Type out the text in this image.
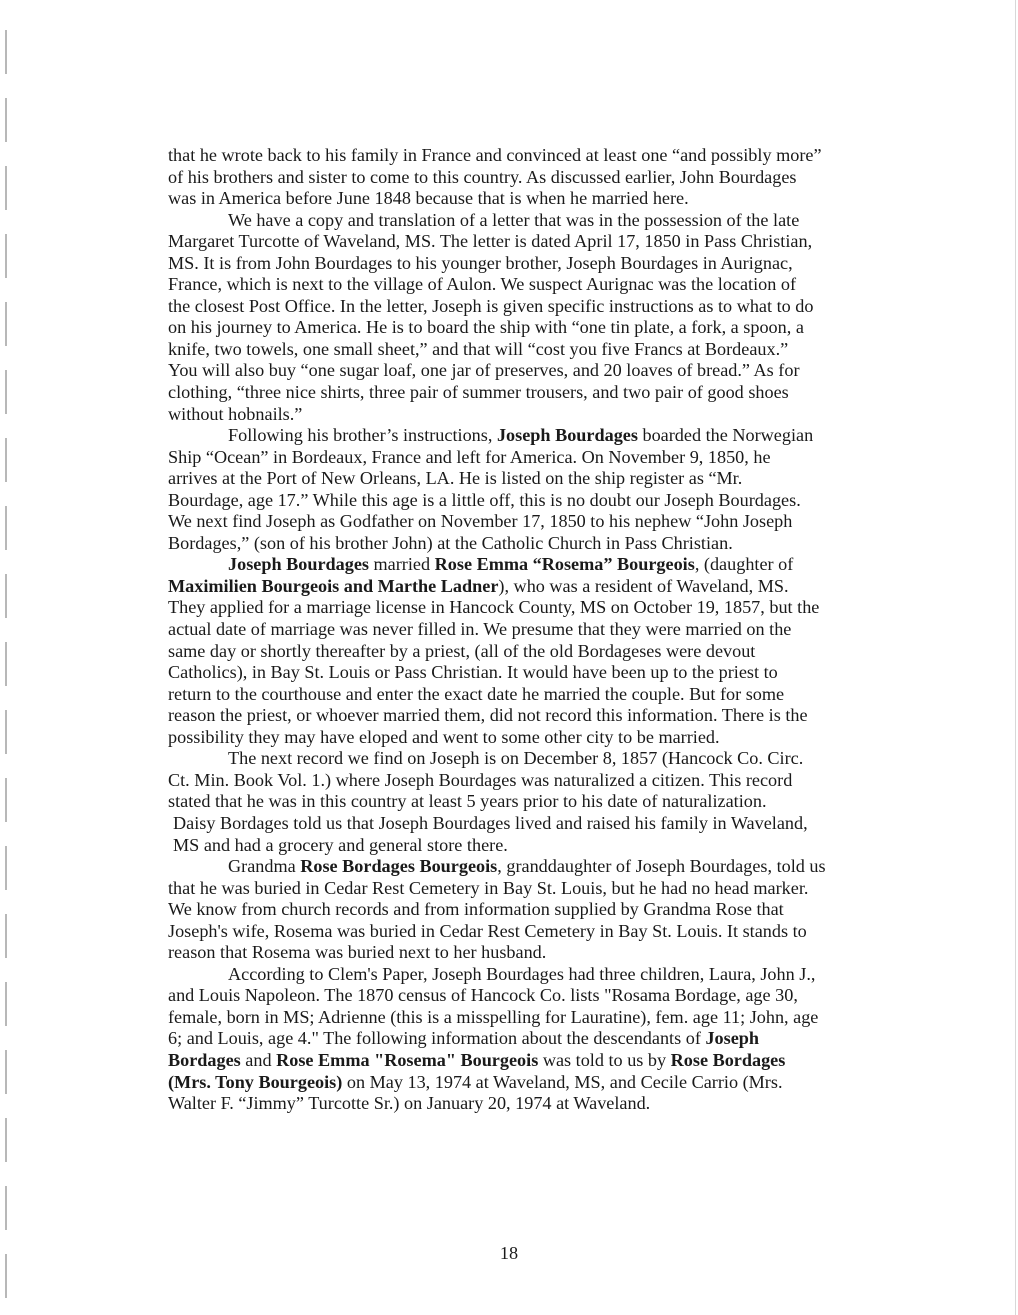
that he wrote back to his family in France and convinced at least one “and possibly more”
of his brothers and sister to come to this country. As discussed earlier, John Bourdages
was in America before June 1848 because that is when he married here.

We have a copy and translation of a letter that was in the possession of the late
Margaret Turcotte of Waveland, MS. The letter is dated April 17, 1850 in Pass Christian,
MS. It is from John Bourdages to his younger brother, Joseph Bourdages in Aurignac,
France, which is next to the village of Aulon. We suspect Aurignac was the location of
the closest Post Office. In the letter, Joseph is given specific instructions as to what to do
on his journey to America. He is to board the ship with “one tin plate, a fork, a spoon, a
knife, two towels, one small sheet,” and that will “cost you five Francs at Bordeaux.”
You will also buy “one sugar loaf, one jar of preserves, and 20 loaves of bread.” As for
clothing, “three nice shirts, three pair of summer trousers, and two pair of good shoes
without hobnails.”

Following his brother’s instructions, Joseph Bourdages boarded the Norwegian
Ship “Ocean” in Bordeaux, France and left for America. On November 9, 1850, he
arrives at the Port of New Orleans, LA. He is listed on the ship register as “Mr.
Bourdage, age 17.” While this age is a little off, this is no doubt our Joseph Bourdages.
We next find Joseph as Godfather on November 17, 1850 to his nephew “John Joseph
Bordages,” (son of his brother John) at the Catholic Church in Pass Christian.

Joseph Bourdages married Rose Emma “Rosema” Bourgeois, (daughter of
Maximilien Bourgeois and Marthe Ladner), who was a resident of Waveland, MS.
They applied for a marriage license in Hancock County, MS on October 19, 1857, but the
actual date of marriage was never filled in. We presume that they were married on the
same day or shortly thereafter by a priest, (all of the old Bordageses were devout
Catholics), in Bay St. Louis or Pass Christian. It would have been up to the priest to
return to the courthouse and enter the exact date he married the couple. But for some
reason the priest, or whoever married them, did not record this information. There is the
possibility they may have eloped and went to some other city to be married.

The next record we find on Joseph is on December 8, 1857 (Hancock Co. Circ.
Ct. Min. Book Vol. 1.) where Joseph Bourdages was naturalized a citizen. This record
stated that he was in this country at least 5 years prior to his date of naturalization.
Daisy Bordages told us that Joseph Bourdages lived and raised his family in Waveland,
MS and had a grocery and general store there.

Grandma Rose Bordages Bourgeois, granddaughter of Joseph Bourdages, told us
that he was buried in Cedar Rest Cemetery in Bay St. Louis, but he had no head marker.
We know from church records and from information supplied by Grandma Rose that
Joseph's wife, Rosema was buried in Cedar Rest Cemetery in Bay St. Louis. It stands to
reason that Rosema was buried next to her husband.

According to Clem's Paper, Joseph Bourdages had three children, Laura, John J.,
and Louis Napoleon. The 1870 census of Hancock Co. lists "Rosama Bordage, age 30,
female, born in MS; Adrienne (this is a misspelling for Lauratine), fem. age 11; John, age
6; and Louis, age 4." The following information about the descendants of Joseph
Bordages and Rose Emma "Rosema" Bourgeois was told to us by Rose Bordages
(Mrs. Tony Bourgeois) on May 13, 1974 at Waveland, MS, and Cecile Carrio (Mrs.
Walter F. “Jimmy” Turcotte Sr.) on January 20, 1974 at Waveland.

18
